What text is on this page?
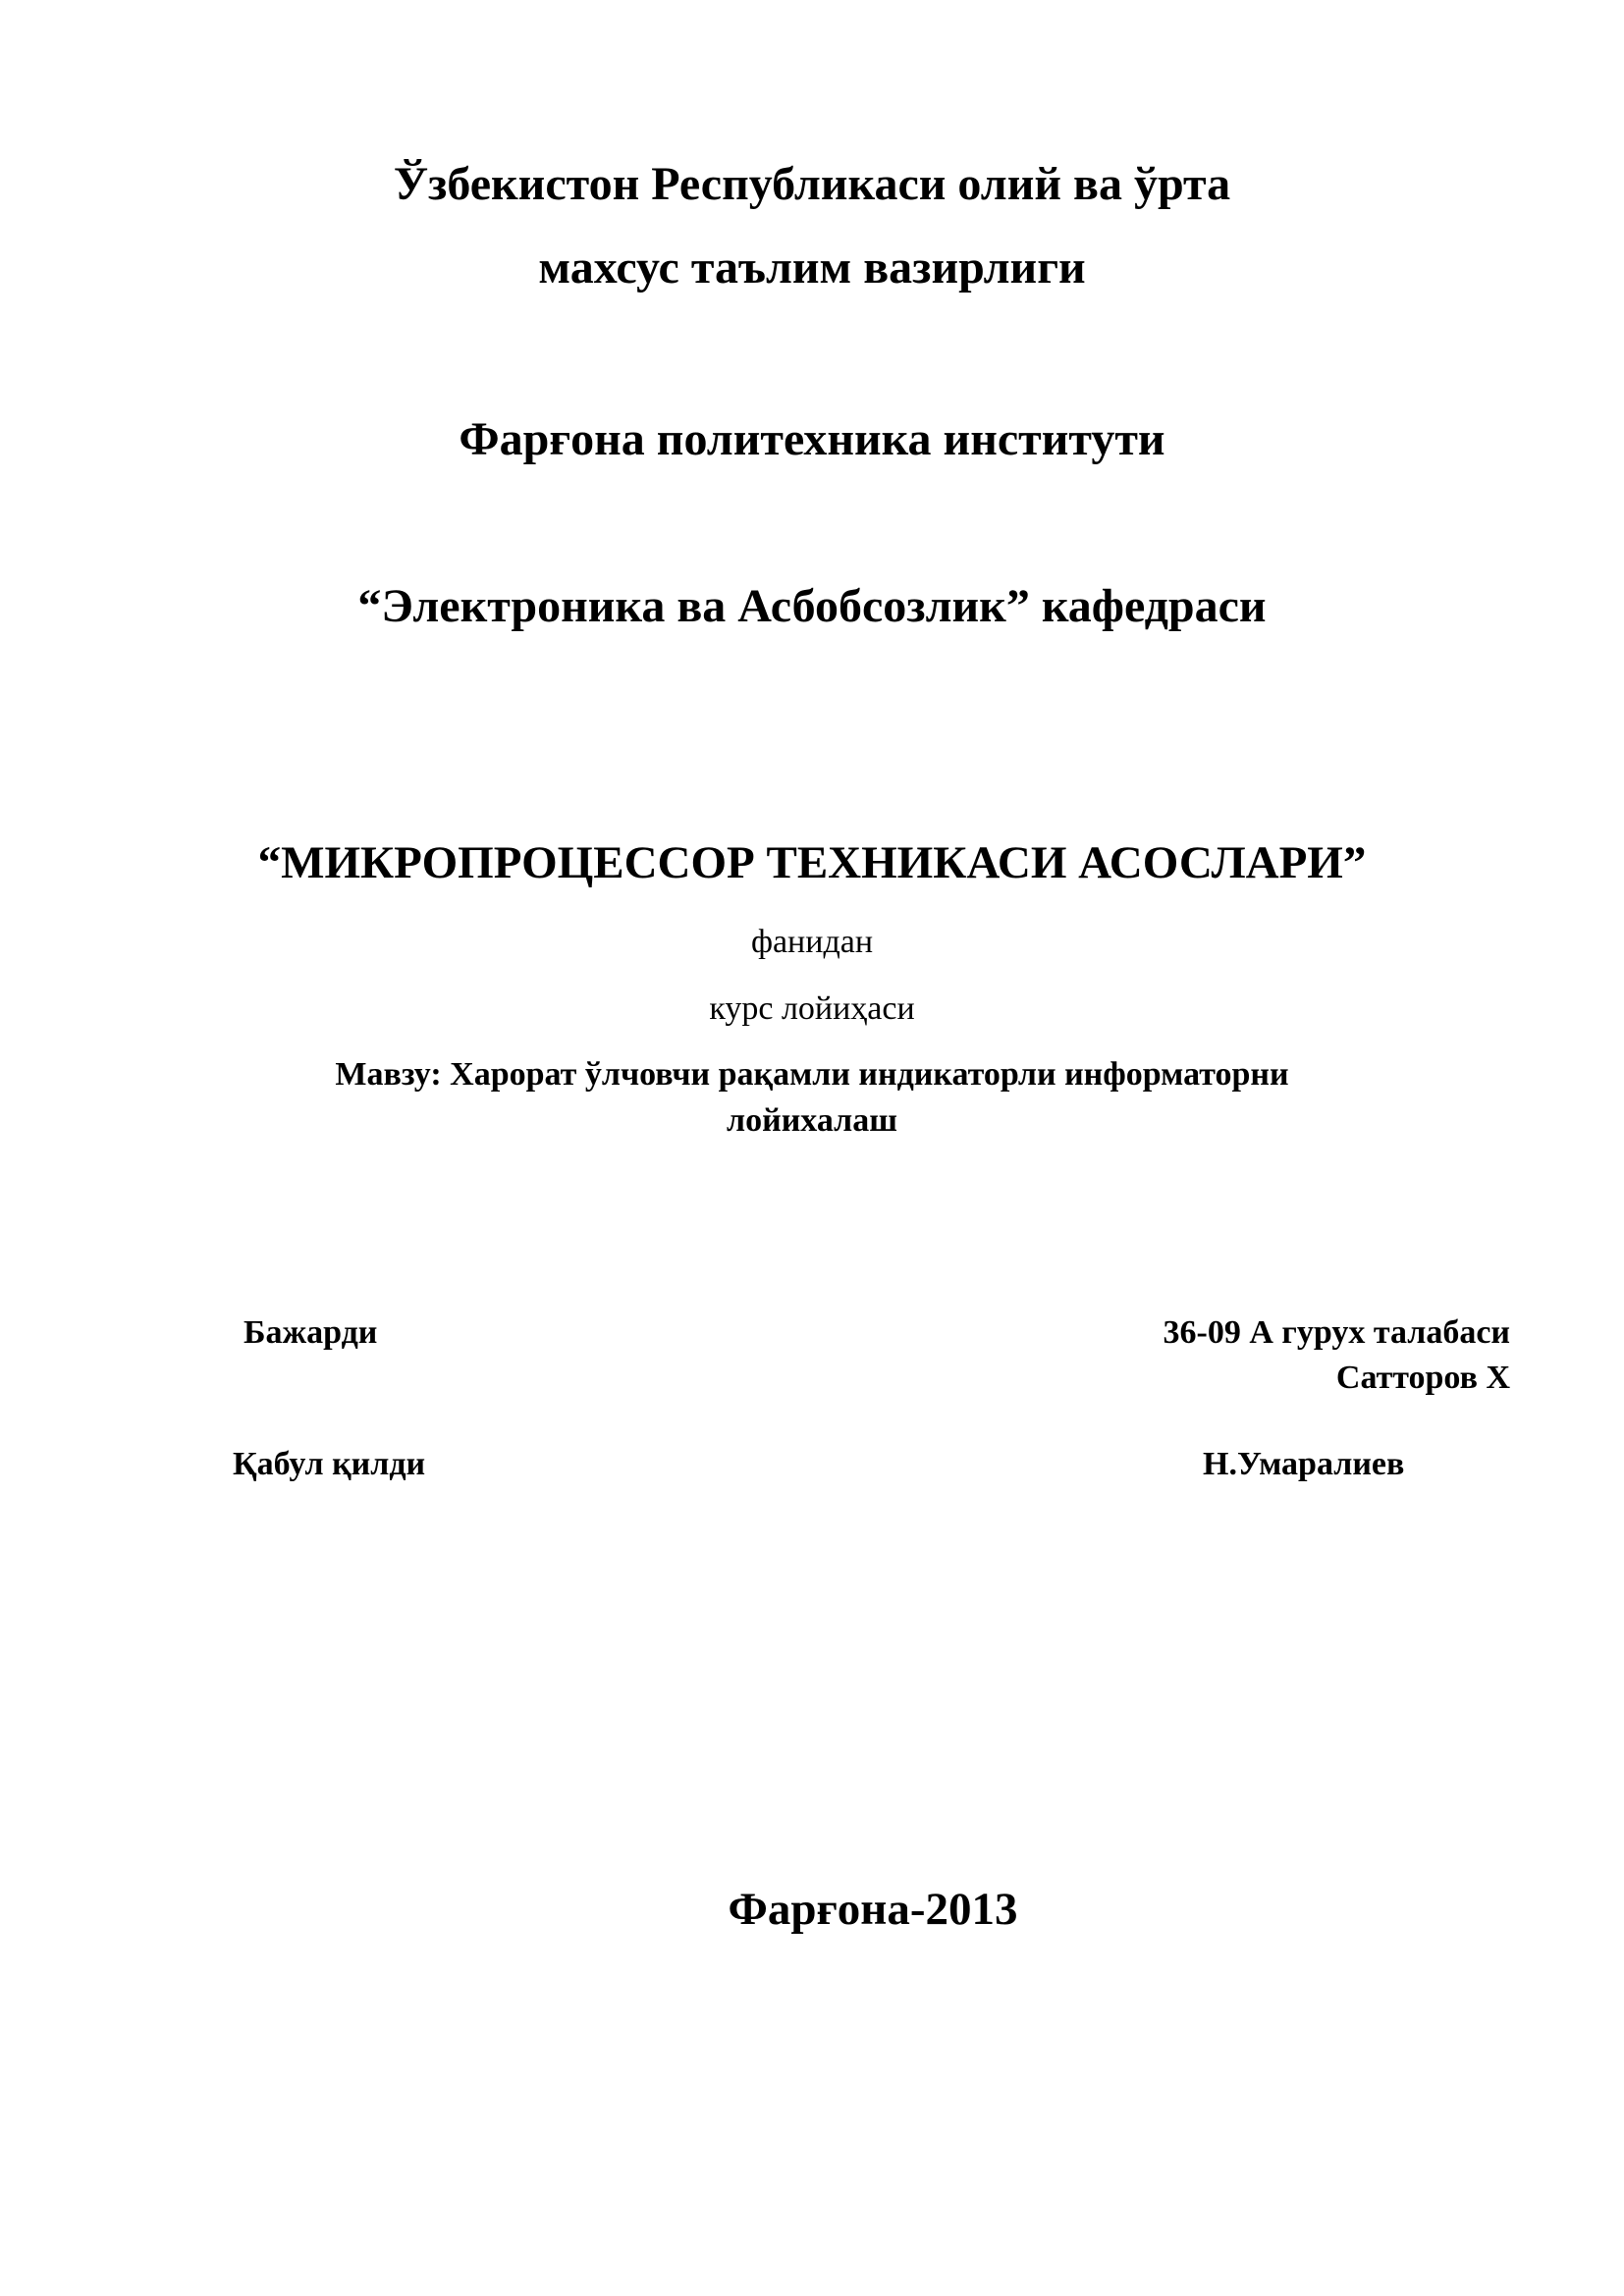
Ўзбекистон Республикаси олий ва ўрта
махсус таълим вазирлиги
Фарғона политехника институти
“Электроника ва Асбобсозлик” кафедраси
“МИКРОПРОЦЕССОР ТЕХНИКАСИ АСОСЛАРИ”
фанидан
курс лойиҳаси
Мавзу: Харорат ўлчовчи рақамли индикаторли информаторни
лойихалаш
Бажарди	36-09 А гурух талабаси
Сатторов Х
Қабул қилди	Н.Умаралиев
Фарғона-2013
